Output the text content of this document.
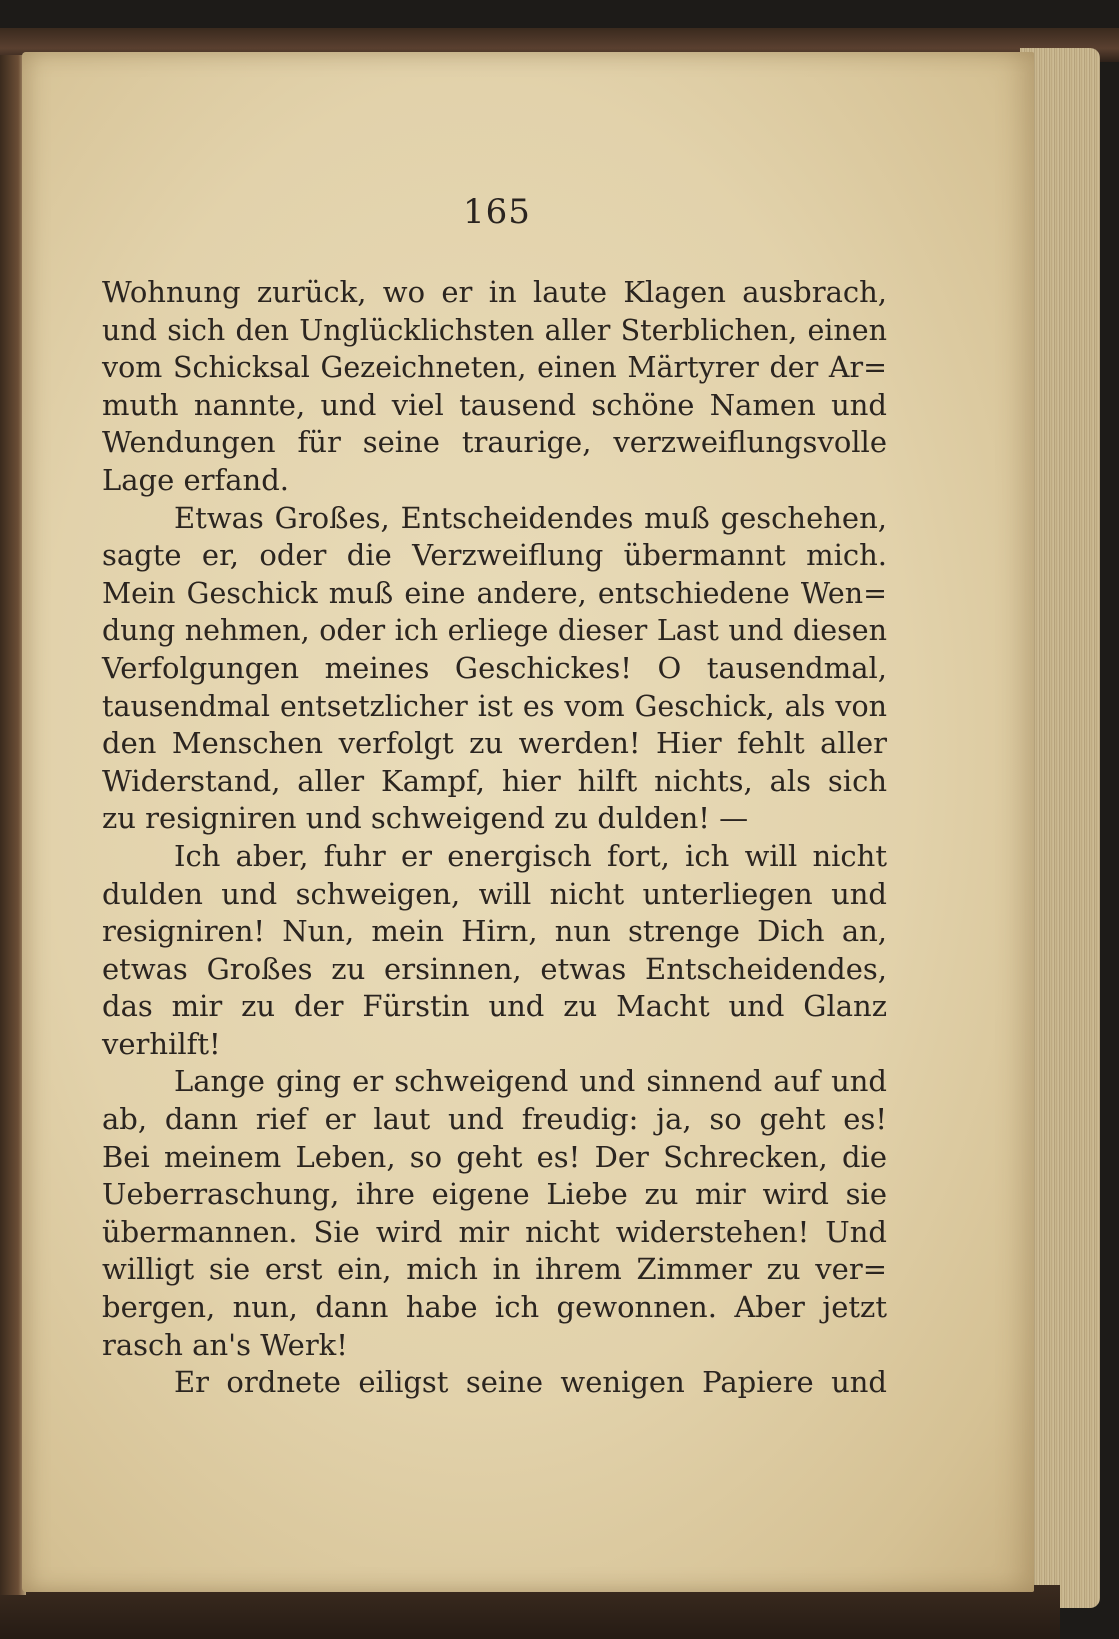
165
Wohnung zurück, wo er in laute Klagen ausbrach,
und sich den Unglücklichsten aller Sterblichen, einen
vom Schicksal Gezeichneten, einen Märtyrer der Ar=
muth nannte, und viel tausend schöne Namen und
Wendungen für seine traurige, verzweiflungsvolle
Lage erfand.
Etwas Großes, Entscheidendes muß geschehen,
sagte er, oder die Verzweiflung übermannt mich.
Mein Geschick muß eine andere, entschiedene Wen=
dung nehmen, oder ich erliege dieser Last und diesen
Verfolgungen meines Geschickes! O tausendmal,
tausendmal entsetzlicher ist es vom Geschick, als von
den Menschen verfolgt zu werden! Hier fehlt aller
Widerstand, aller Kampf, hier hilft nichts, als sich
zu resigniren und schweigend zu dulden! —
Ich aber, fuhr er energisch fort, ich will nicht
dulden und schweigen, will nicht unterliegen und
resigniren! Nun, mein Hirn, nun strenge Dich an,
etwas Großes zu ersinnen, etwas Entscheidendes,
das mir zu der Fürstin und zu Macht und Glanz
verhilft!
Lange ging er schweigend und sinnend auf und
ab, dann rief er laut und freudig: ja, so geht es!
Bei meinem Leben, so geht es! Der Schrecken, die
Ueberraschung, ihre eigene Liebe zu mir wird sie
übermannen. Sie wird mir nicht widerstehen! Und
willigt sie erst ein, mich in ihrem Zimmer zu ver=
bergen, nun, dann habe ich gewonnen. Aber jetzt
rasch an's Werk!
Er ordnete eiligst seine wenigen Papiere und
